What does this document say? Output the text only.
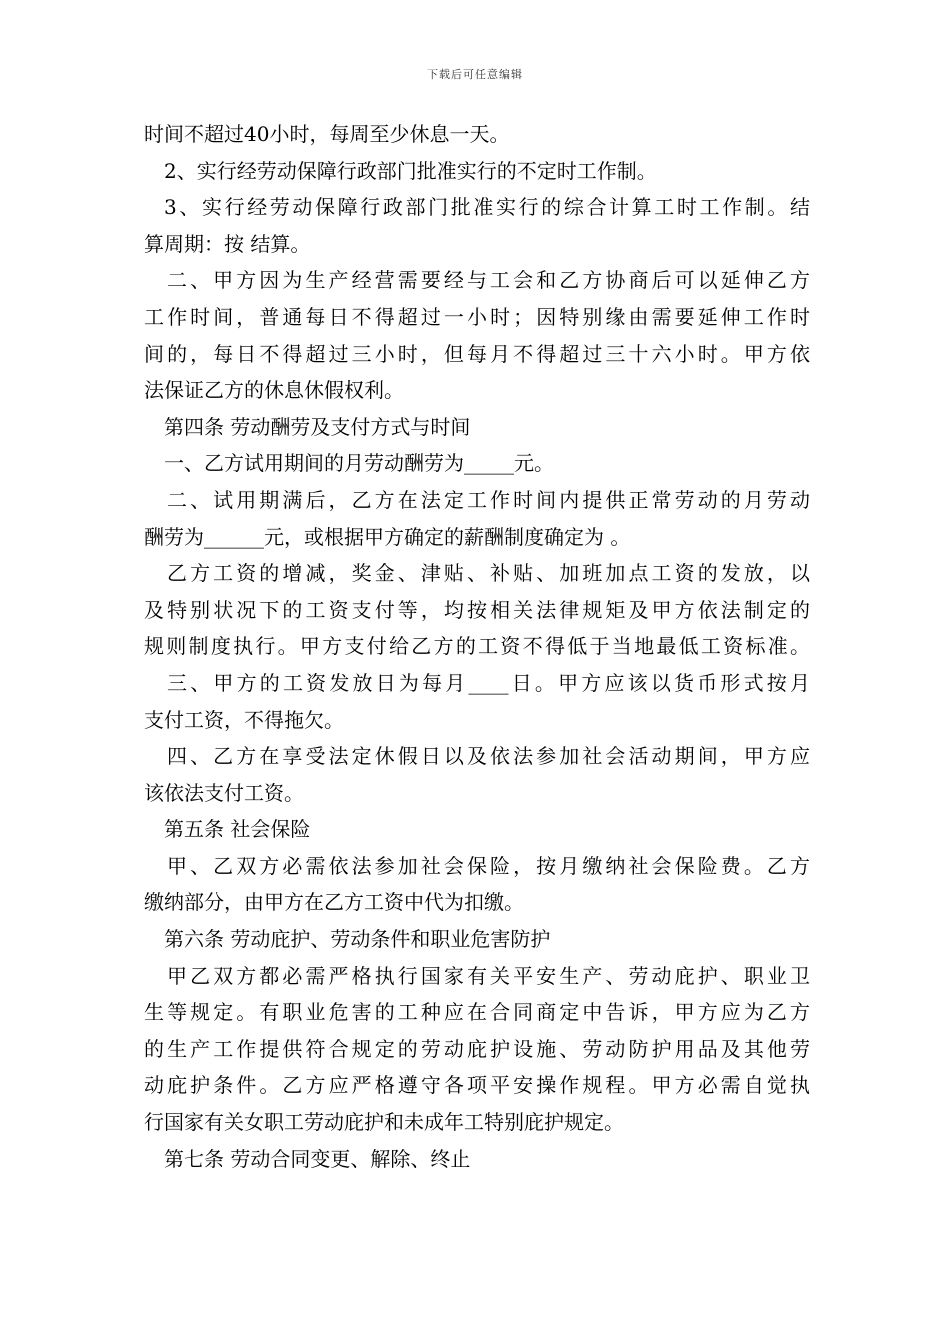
下载后可任意编辑
时间不超过40小时，每周至少休息一天。
2、实行经劳动保障行政部门批准实行的不定时工作制。
3、实行经劳动保障行政部门批准实行的综合计算工时工作制。结
算周期：按 结算。
二、甲方因为生产经营需要经与工会和乙方协商后可以延伸乙方
工作时间，普通每日不得超过一小时；因特别缘由需要延伸工作时
间的，每日不得超过三小时，但每月不得超过三十六小时。甲方依
法保证乙方的休息休假权利。
第四条 劳动酬劳及支付方式与时间
一、乙方试用期间的月劳动酬劳为_____元。
二、试用期满后，乙方在法定工作时间内提供正常劳动的月劳动
酬劳为______元，或根据甲方确定的薪酬制度确定为 。
乙方工资的增减，奖金、津贴、补贴、加班加点工资的发放，以
及特别状况下的工资支付等，均按相关法律规矩及甲方依法制定的
规则制度执行。甲方支付给乙方的工资不得低于当地最低工资标准。
三、甲方的工资发放日为每月____日。甲方应该以货币形式按月
支付工资，不得拖欠。
四、乙方在享受法定休假日以及依法参加社会活动期间，甲方应
该依法支付工资。
第五条 社会保险
甲、乙双方必需依法参加社会保险，按月缴纳社会保险费。乙方
缴纳部分，由甲方在乙方工资中代为扣缴。
第六条 劳动庇护、劳动条件和职业危害防护
甲乙双方都必需严格执行国家有关平安生产、劳动庇护、职业卫
生等规定。有职业危害的工种应在合同商定中告诉，甲方应为乙方
的生产工作提供符合规定的劳动庇护设施、劳动防护用品及其他劳
动庇护条件。乙方应严格遵守各项平安操作规程。甲方必需自觉执
行国家有关女职工劳动庇护和未成年工特别庇护规定。
第七条 劳动合同变更、解除、终止
